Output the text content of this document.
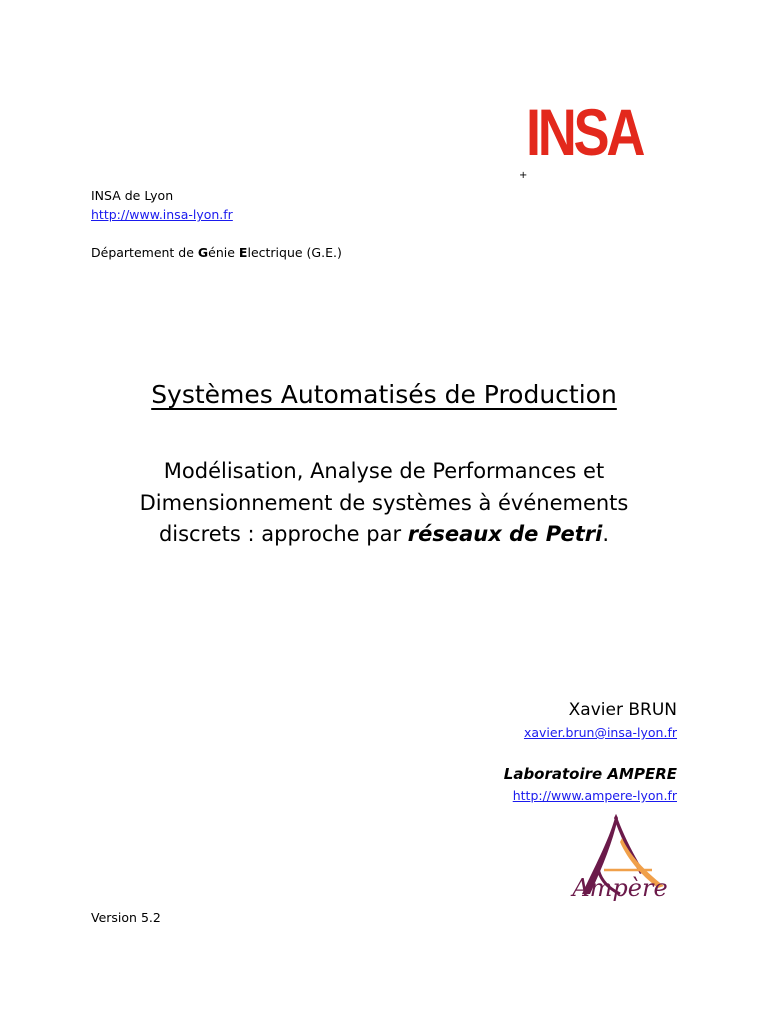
INSA
+
INSA de Lyon
http://www.insa-lyon.fr
Département de Génie Electrique (G.E.)
Systèmes Automatisés de Production
Modélisation, Analyse de Performances et
Dimensionnement de systèmes à événements
discrets : approche par réseaux de Petri.
Xavier BRUN
xavier.brun@insa-lyon.fr
Laboratoire AMPERE
http://www.ampere-lyon.fr
Ampère
Version 5.2
